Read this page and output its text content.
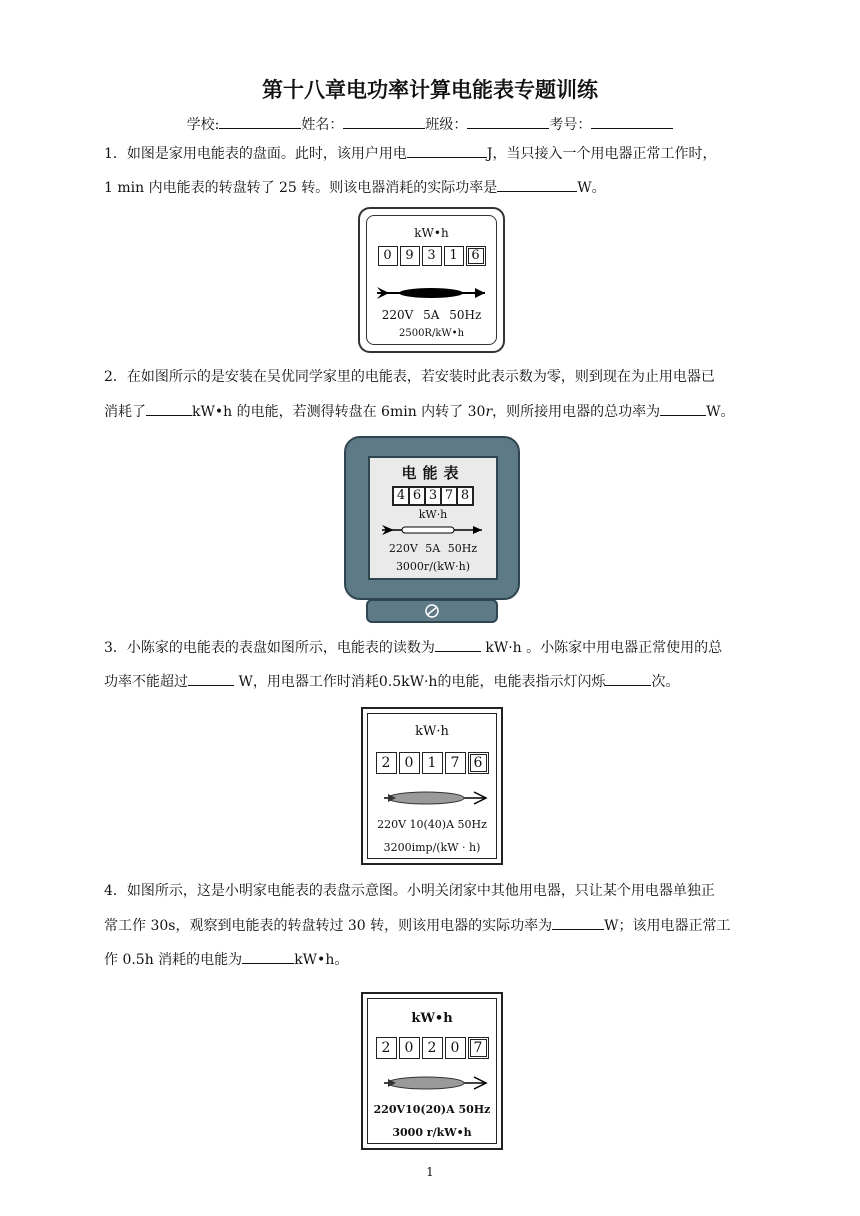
第十八章电功率计算电能表专题训练
学校:	姓名：	班级：	考号：
1．如图是家用电能表的盘面。此时，该用户用电	J，当只接入一个用电器正常工作时，
1 min 内电能表的转盘转了 25 转。则该电器消耗的实际功率是	W。
kW•h
0	9	3	1	6
220V 5A 50Hz
2500R/kW•h
2．在如图所示的是安装在吴优同学家里的电能表，若安装时此表示数为零，则到现在为止用电器已
消耗了	kW•h 的电能，若测得转盘在 6min 内转了 30r，则所接用电器的总功率为	W。
电能表
4 6 3 7 8
kW·h
220V 5A 50Hz
3000r/(kW·h)
3．小陈家的电能表的表盘如图所示，电能表的读数为	kW·h 。小陈家中用电器正常使用的总
功率不能超过	W，用电器工作时消耗0.5kW·h的电能，电能表指示灯闪烁	次。
kW·h
2	0	1	7	6
220V 10(40)A 50Hz
3200imp/(kW · h)
4．如图所示，这是小明家电能表的表盘示意图。小明关闭家中其他用电器，只让某个用电器单独正
常工作 30s，观察到电能表的转盘转过 30 转，则该用电器的实际功率为	W；该用电器正常工
作 0.5h 消耗的电能为	kW•h。
kW•h
2	0	2	0	7
220V10(20)A 50Hz
3000 r/kW•h
1
